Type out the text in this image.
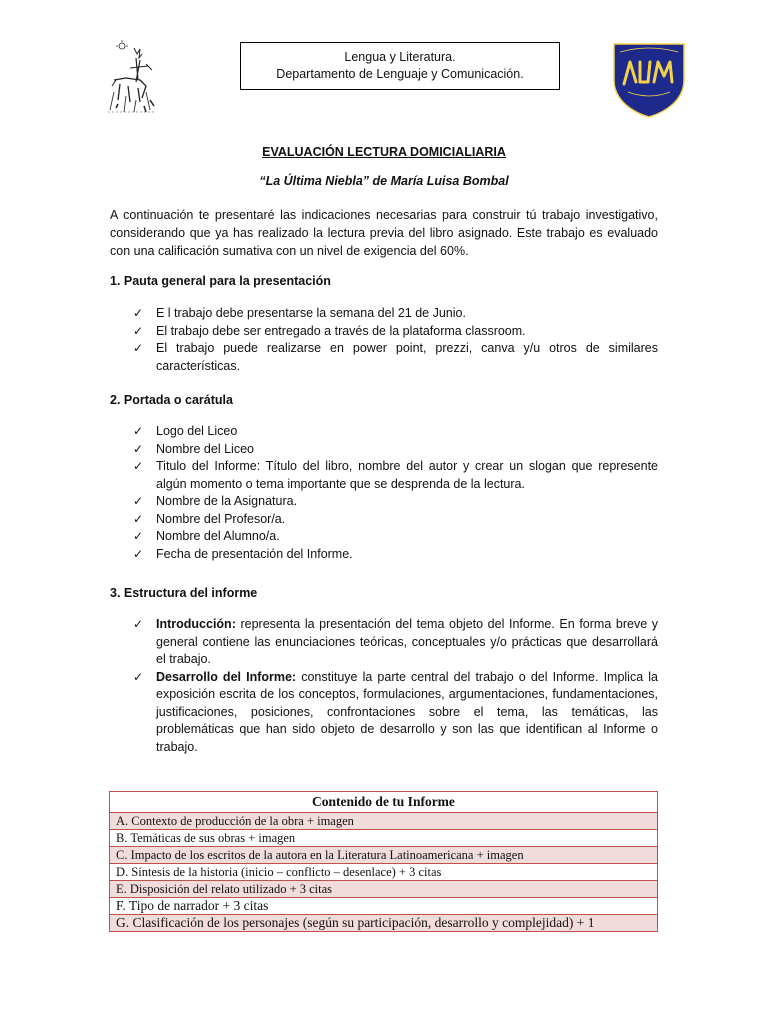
Lengua y Literatura.
Departamento de Lenguaje y Comunicación.
EVALUACIÓN LECTURA DOMICIALIARIA
“La Última Niebla” de María Luisa Bombal
A continuación te presentaré las indicaciones necesarias para construir tú trabajo investigativo, considerando que ya has realizado la lectura previa del libro asignado. Este trabajo es evaluado con una calificación sumativa con un nivel de exigencia del 60%.
1. Pauta general para la presentación
✓ E l trabajo debe presentarse la semana del 21 de Junio.
✓ El trabajo debe ser entregado a través de la plataforma classroom.
✓ El trabajo puede realizarse en power point, prezzi, canva y/u otros de similares características.
2. Portada o carátula
✓ Logo del Liceo
✓ Nombre del Liceo
✓ Titulo del Informe: Título del libro, nombre del autor y crear un slogan que represente algún momento o tema importante que se desprenda de la lectura.
✓ Nombre de la Asignatura.
✓ Nombre del Profesor/a.
✓ Nombre del Alumno/a.
✓ Fecha de presentación del Informe.
3. Estructura del informe
✓ Introducción: representa la presentación del tema objeto del Informe. En forma breve y general contiene las enunciaciones teóricas, conceptuales y/o prácticas que desarrollará el trabajo.
✓ Desarrollo del Informe: constituye la parte central del trabajo o del Informe. Implica la exposición escrita de los conceptos, formulaciones, argumentaciones, fundamentaciones, justificaciones, posiciones, confrontaciones sobre el tema, las temáticas, las problemáticas que han sido objeto de desarrollo y son las que identifican al Informe o trabajo.
Contenido de tu Informe
A. Contexto de producción de la obra + imagen
B. Temáticas de sus obras + imagen
C. Impacto de los escritos de la autora en la Literatura Latinoamericana + imagen
D. Síntesis de la historia (inicio – conflicto – desenlace) + 3 citas
E. Disposición del relato utilizado + 3 citas
F. Tipo de narrador + 3 citas
G. Clasificación de los personajes (según su participación, desarrollo y complejidad) + 1
